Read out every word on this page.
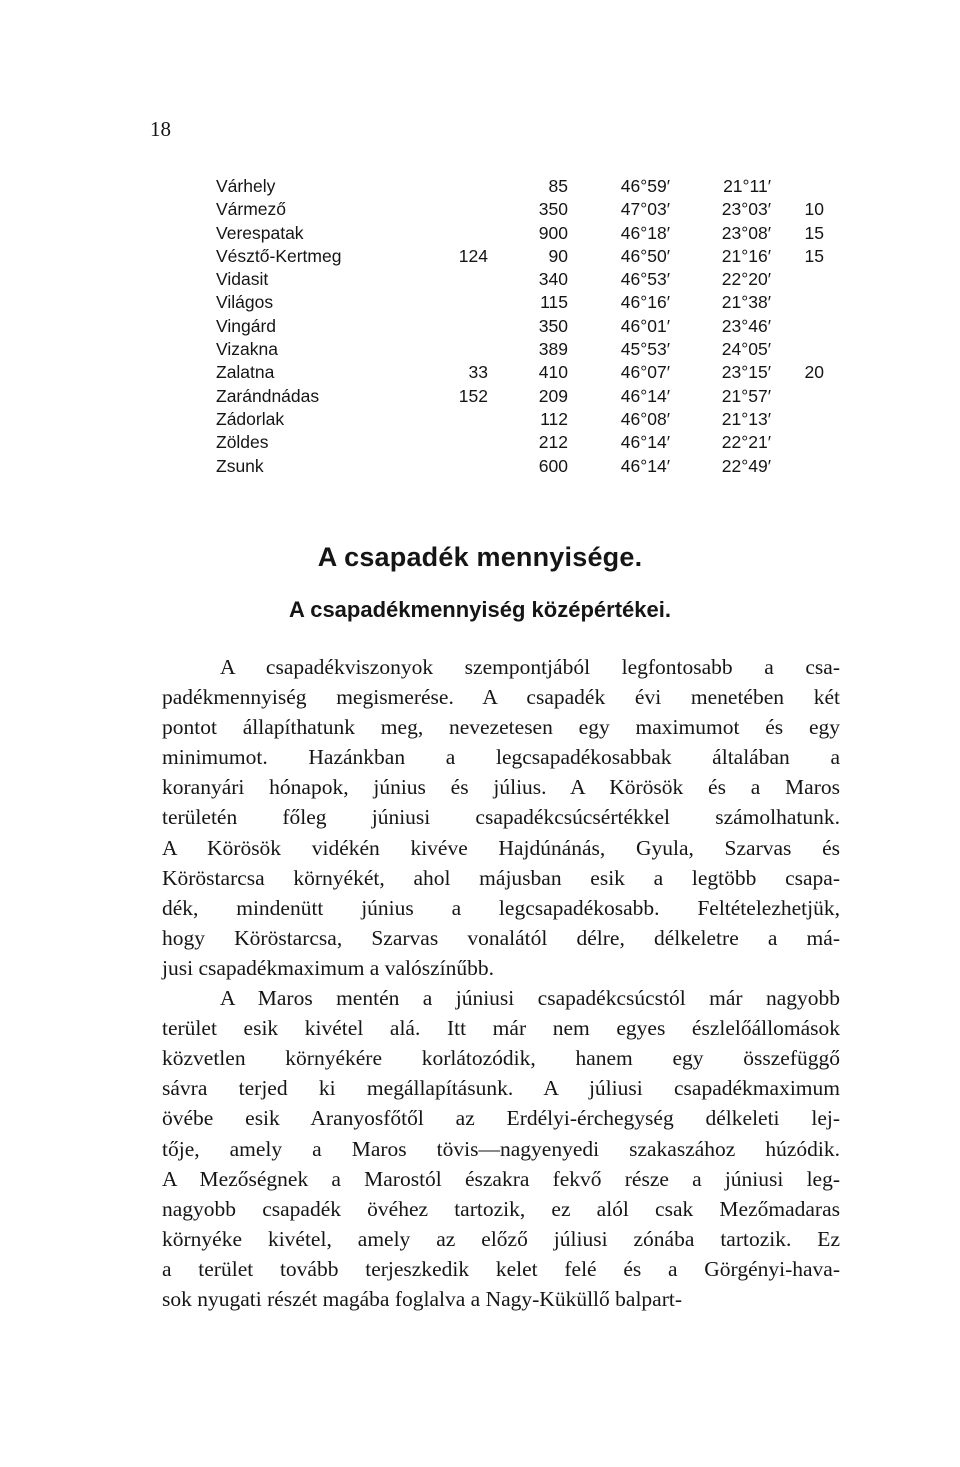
18
Várhely		85	46°59′	21°11′	
Vármező		350	47°03′	23°03′	10
Verespatak		900	46°18′	23°08′	15
Vésztő-Kertmeg	124	90	46°50′	21°16′	15
Vidasit		340	46°53′	22°20′	
Világos		115	46°16′	21°38′	
Vingárd		350	46°01′	23°46′	
Vizakna		389	45°53′	24°05′	
Zalatna	33	410	46°07′	23°15′	20
Zarándnádas	152	209	46°14′	21°57′	
Zádorlak		112	46°08′	21°13′	
Zöldes		212	46°14′	22°21′	
Zsunk		600	46°14′	22°49′	
A csapadék mennyisége.
A csapadékmennyiség középértékei.
A csapadékviszonyok szempontjából legfontosabb a csa-
padékmennyiség megismerése. A csapadék évi menetében két
pontot állapíthatunk meg, nevezetesen egy maximumot és egy
minimumot. Hazánkban a legcsapadékosabbak általában a
koranyári hónapok, június és július. A Körösök és a Maros
területén főleg júniusi csapadékcsúcsértékkel számolhatunk.
A Körösök vidékén kivéve Hajdúnánás, Gyula, Szarvas és
Köröstarcsa környékét, ahol májusban esik a legtöbb csapa-
dék, mindenütt június a legcsapadékosabb. Feltételezhetjük,
hogy Köröstarcsa, Szarvas vonalától délre, délkeletre a má-
jusi csapadékmaximum a valószínűbb.
A Maros mentén a júniusi csapadékcsúcstól már nagyobb
terület esik kivétel alá. Itt már nem egyes észlelőállomások
közvetlen környékére korlátozódik, hanem egy összefüggő
sávra terjed ki megállapításunk. A júliusi csapadékmaximum
övébe esik Aranyosfőtől az Erdélyi-érchegység délkeleti lej-
tője, amely a Maros tövis—nagyenyedi szakaszához húzódik.
A Mezőségnek a Marostól északra fekvő része a júniusi leg-
nagyobb csapadék övéhez tartozik, ez alól csak Mezőmadaras
környéke kivétel, amely az előző júliusi zónába tartozik. Ez
a terület tovább terjeszkedik kelet felé és a Görgényi-hava-
sok nyugati részét magába foglalva a Nagy-Küküllő balpart-
